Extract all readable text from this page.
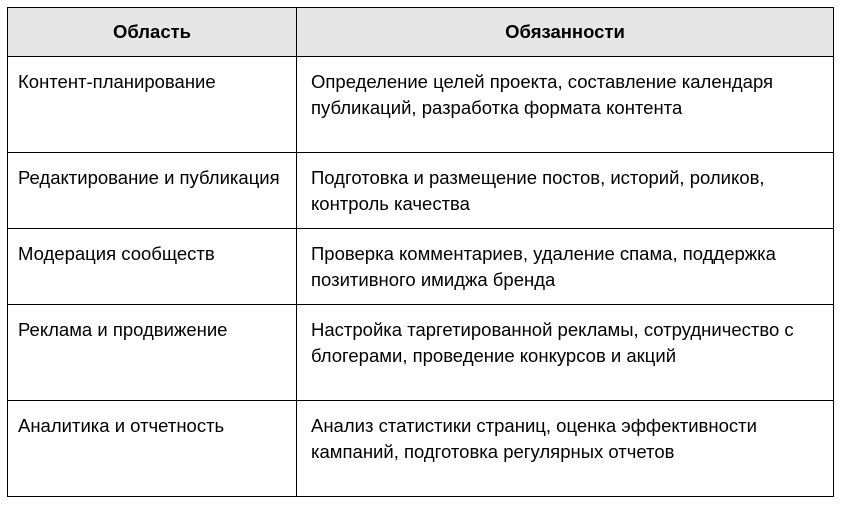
Область	Обязанности
Контент-планирование	Определение целей проекта, составление календаря публикаций, разработка формата контента
Редактирование и публикация	Подготовка и размещение постов, историй, роликов, контроль качества
Модерация сообществ	Проверка комментариев, удаление спама, поддержка позитивного имиджа бренда
Реклама и продвижение	Настройка таргетированной рекламы, сотрудничество с блогерами, проведение конкурсов и акций
Аналитика и отчетность	Анализ статистики страниц, оценка эффективности кампаний, подготовка регулярных отчетов
